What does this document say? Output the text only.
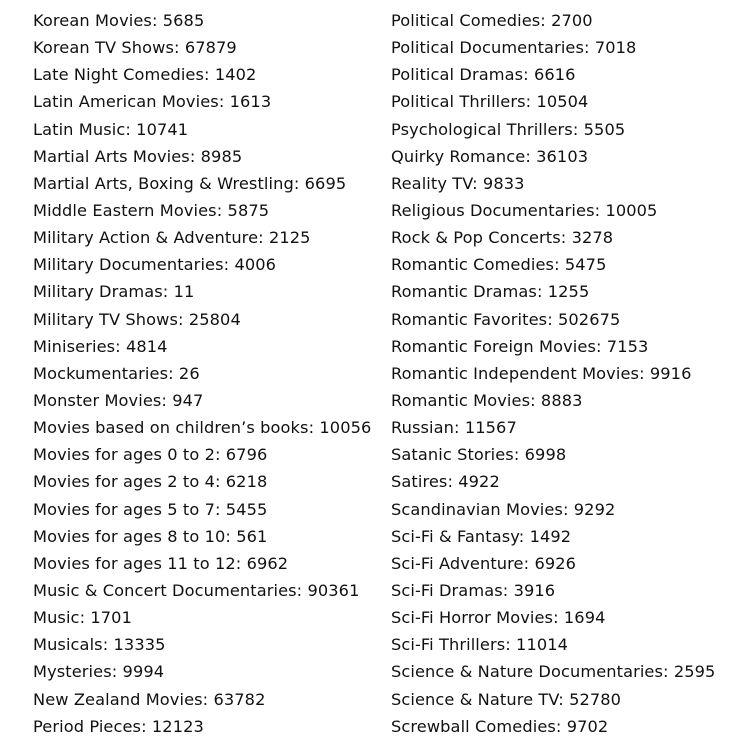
Korean Movies: 5685
Korean TV Shows: 67879
Late Night Comedies: 1402
Latin American Movies: 1613
Latin Music: 10741
Martial Arts Movies: 8985
Martial Arts, Boxing & Wrestling: 6695
Middle Eastern Movies: 5875
Military Action & Adventure: 2125
Military Documentaries: 4006
Military Dramas: 11
Military TV Shows: 25804
Miniseries: 4814
Mockumentaries: 26
Monster Movies: 947
Movies based on children’s books: 10056
Movies for ages 0 to 2: 6796
Movies for ages 2 to 4: 6218
Movies for ages 5 to 7: 5455
Movies for ages 8 to 10: 561
Movies for ages 11 to 12: 6962
Music & Concert Documentaries: 90361
Music: 1701
Musicals: 13335
Mysteries: 9994
New Zealand Movies: 63782
Period Pieces: 12123
Political Comedies: 2700
Political Documentaries: 7018
Political Dramas: 6616
Political Thrillers: 10504
Psychological Thrillers: 5505
Quirky Romance: 36103
Reality TV: 9833
Religious Documentaries: 10005
Rock & Pop Concerts: 3278
Romantic Comedies: 5475
Romantic Dramas: 1255
Romantic Favorites: 502675
Romantic Foreign Movies: 7153
Romantic Independent Movies: 9916
Romantic Movies: 8883
Russian: 11567
Satanic Stories: 6998
Satires: 4922
Scandinavian Movies: 9292
Sci-Fi & Fantasy: 1492
Sci-Fi Adventure: 6926
Sci-Fi Dramas: 3916
Sci-Fi Horror Movies: 1694
Sci-Fi Thrillers: 11014
Science & Nature Documentaries: 2595
Science & Nature TV: 52780
Screwball Comedies: 9702
